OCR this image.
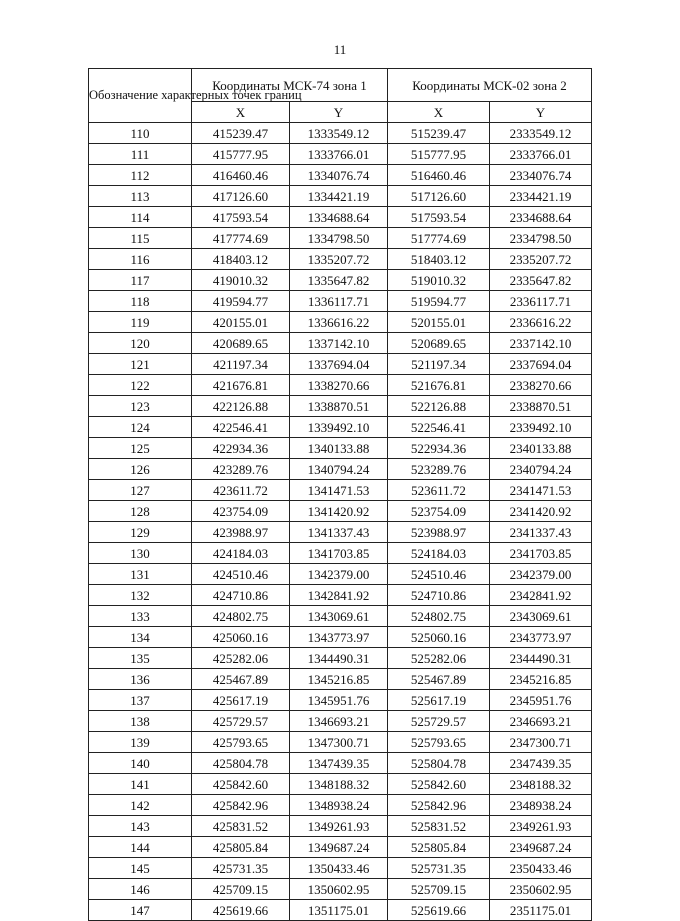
11
Обозначение характерных точек границ	Координаты МСК-74 зона 1		Координаты МСК-02 зона 2	
	X	Y	X	Y
110	415239.47	1333549.12	515239.47	2333549.12
111	415777.95	1333766.01	515777.95	2333766.01
112	416460.46	1334076.74	516460.46	2334076.74
113	417126.60	1334421.19	517126.60	2334421.19
114	417593.54	1334688.64	517593.54	2334688.64
115	417774.69	1334798.50	517774.69	2334798.50
116	418403.12	1335207.72	518403.12	2335207.72
117	419010.32	1335647.82	519010.32	2335647.82
118	419594.77	1336117.71	519594.77	2336117.71
119	420155.01	1336616.22	520155.01	2336616.22
120	420689.65	1337142.10	520689.65	2337142.10
121	421197.34	1337694.04	521197.34	2337694.04
122	421676.81	1338270.66	521676.81	2338270.66
123	422126.88	1338870.51	522126.88	2338870.51
124	422546.41	1339492.10	522546.41	2339492.10
125	422934.36	1340133.88	522934.36	2340133.88
126	423289.76	1340794.24	523289.76	2340794.24
127	423611.72	1341471.53	523611.72	2341471.53
128	423754.09	1341420.92	523754.09	2341420.92
129	423988.97	1341337.43	523988.97	2341337.43
130	424184.03	1341703.85	524184.03	2341703.85
131	424510.46	1342379.00	524510.46	2342379.00
132	424710.86	1342841.92	524710.86	2342841.92
133	424802.75	1343069.61	524802.75	2343069.61
134	425060.16	1343773.97	525060.16	2343773.97
135	425282.06	1344490.31	525282.06	2344490.31
136	425467.89	1345216.85	525467.89	2345216.85
137	425617.19	1345951.76	525617.19	2345951.76
138	425729.57	1346693.21	525729.57	2346693.21
139	425793.65	1347300.71	525793.65	2347300.71
140	425804.78	1347439.35	525804.78	2347439.35
141	425842.60	1348188.32	525842.60	2348188.32
142	425842.96	1348938.24	525842.96	2348938.24
143	425831.52	1349261.93	525831.52	2349261.93
144	425805.84	1349687.24	525805.84	2349687.24
145	425731.35	1350433.46	525731.35	2350433.46
146	425709.15	1350602.95	525709.15	2350602.95
147	425619.66	1351175.01	525619.66	2351175.01
